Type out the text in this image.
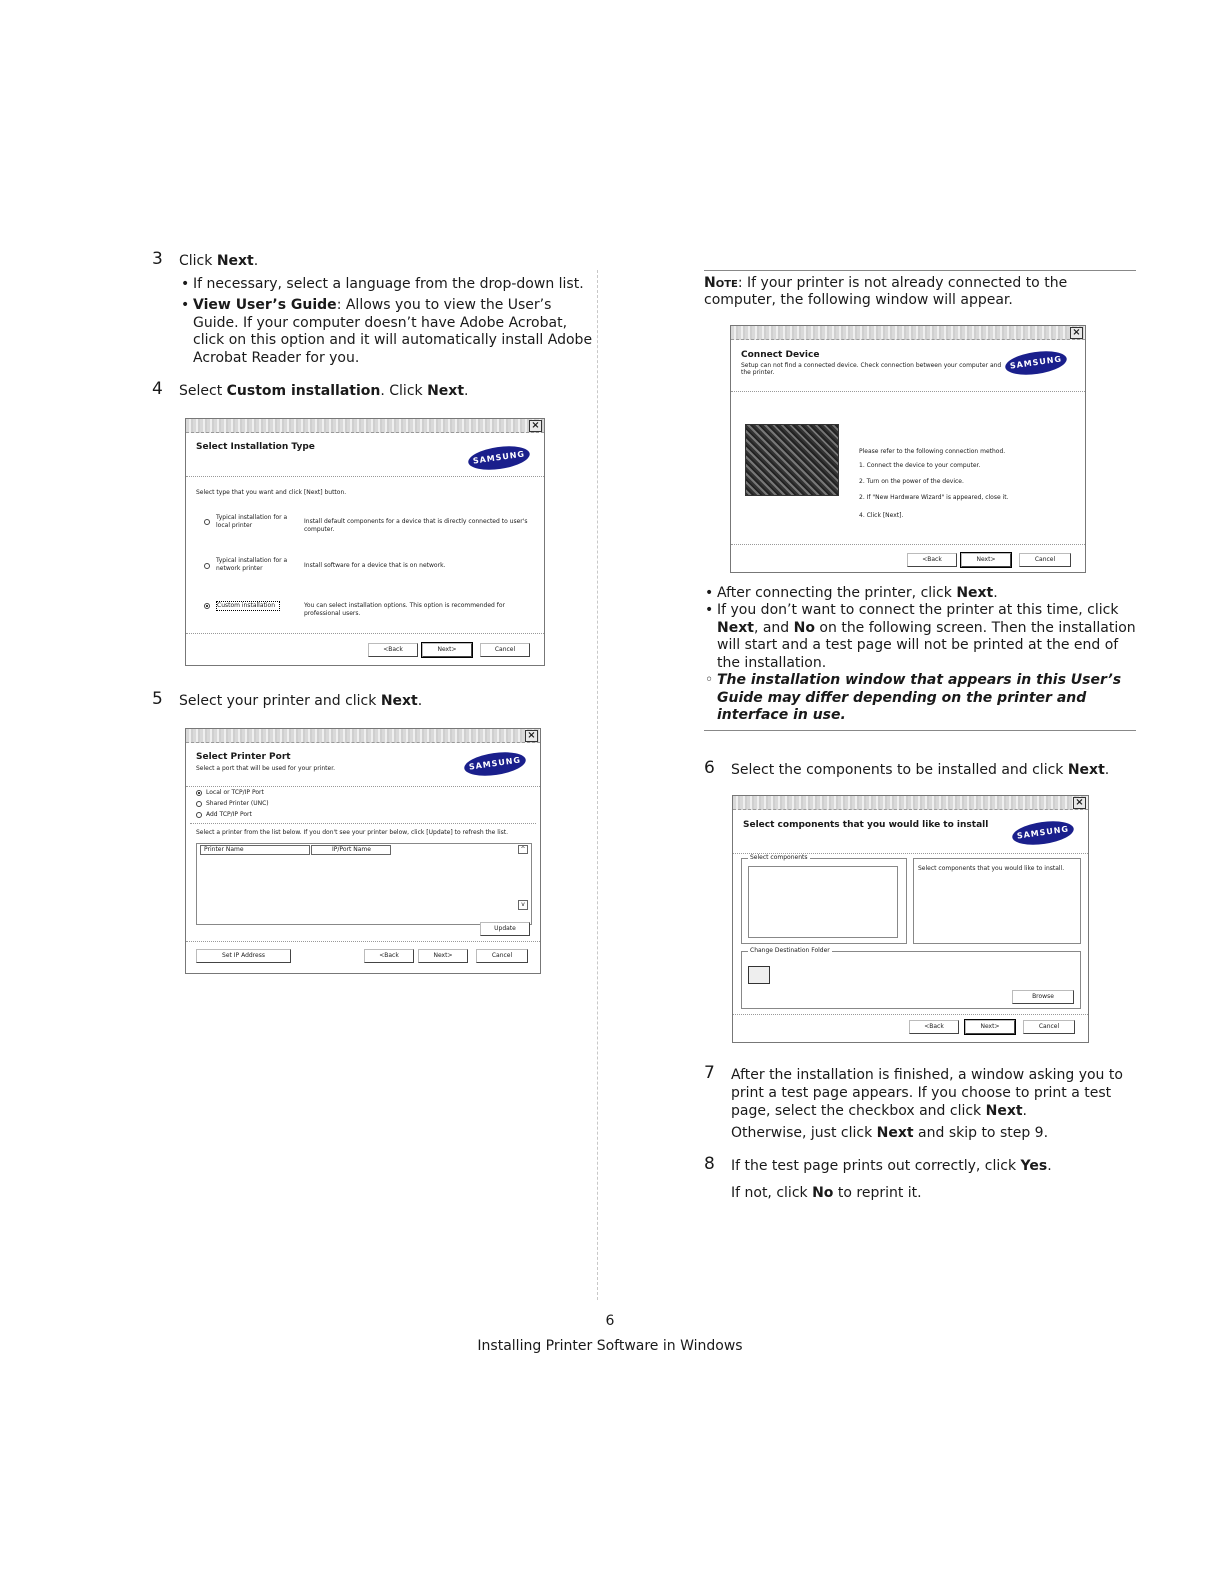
3 Click Next.
• If necessary, select a language from the drop-down list.
• View User’s Guide: Allows you to view the User’s Guide. If your computer doesn’t have Adobe Acrobat, click on this option and it will automatically install Adobe Acrobat Reader for you.
4 Select Custom installation. Click Next.
×
Select Installation Type
SAMSUNG
Select type that you want and click [Next] button.
Typical installation for a local printer	Install default components for a device that is directly connected to user's computer.
Typical installation for a network printer	Install software for a device that is on network.
Custom installation	You can select installation options. This option is recommended for professional users.
<Back	Next>	Cancel
5 Select your printer and click Next.
×
Select Printer Port
Select a port that will be used for your printer.	SAMSUNG
Local or TCP/IP Port
Shared Printer (UNC)
Add TCP/IP Port
Select a printer from the list below. If you don't see your printer below, click [Update] to refresh the list.
Printer Name	IP/Port Name	^
v
Update
Set IP Address	<Back	Next>	Cancel
Note: If your printer is not already connected to the computer, the following window will appear.
×
Connect Device
Setup can not find a connected device. Check connection between your computer and the printer.
SAMSUNG
Please refer to the following connection method.
1. Connect the device to your computer.
2. Turn on the power of the device.
2. If "New Hardware Wizard" is appeared, close it.
4. Click [Next].
<Back	Next>	Cancel
• After connecting the printer, click Next.
• If you don’t want to connect the printer at this time, click Next, and No on the following screen. Then the installation will start and a test page will not be printed at the end of the installation.
◦ The installation window that appears in this User’s Guide may differ depending on the printer and interface in use.
6 Select the components to be installed and click Next.
×
Select components that you would like to install	SAMSUNG
Select components
Select components that you would like to install.
Change Destination Folder
Browse
<Back	Next>	Cancel
7 After the installation is finished, a window asking you to print a test page appears. If you choose to print a test page, select the checkbox and click Next.
Otherwise, just click Next and skip to step 9.
8 If the test page prints out correctly, click Yes.
If not, click No to reprint it.
6
Installing Printer Software in Windows
